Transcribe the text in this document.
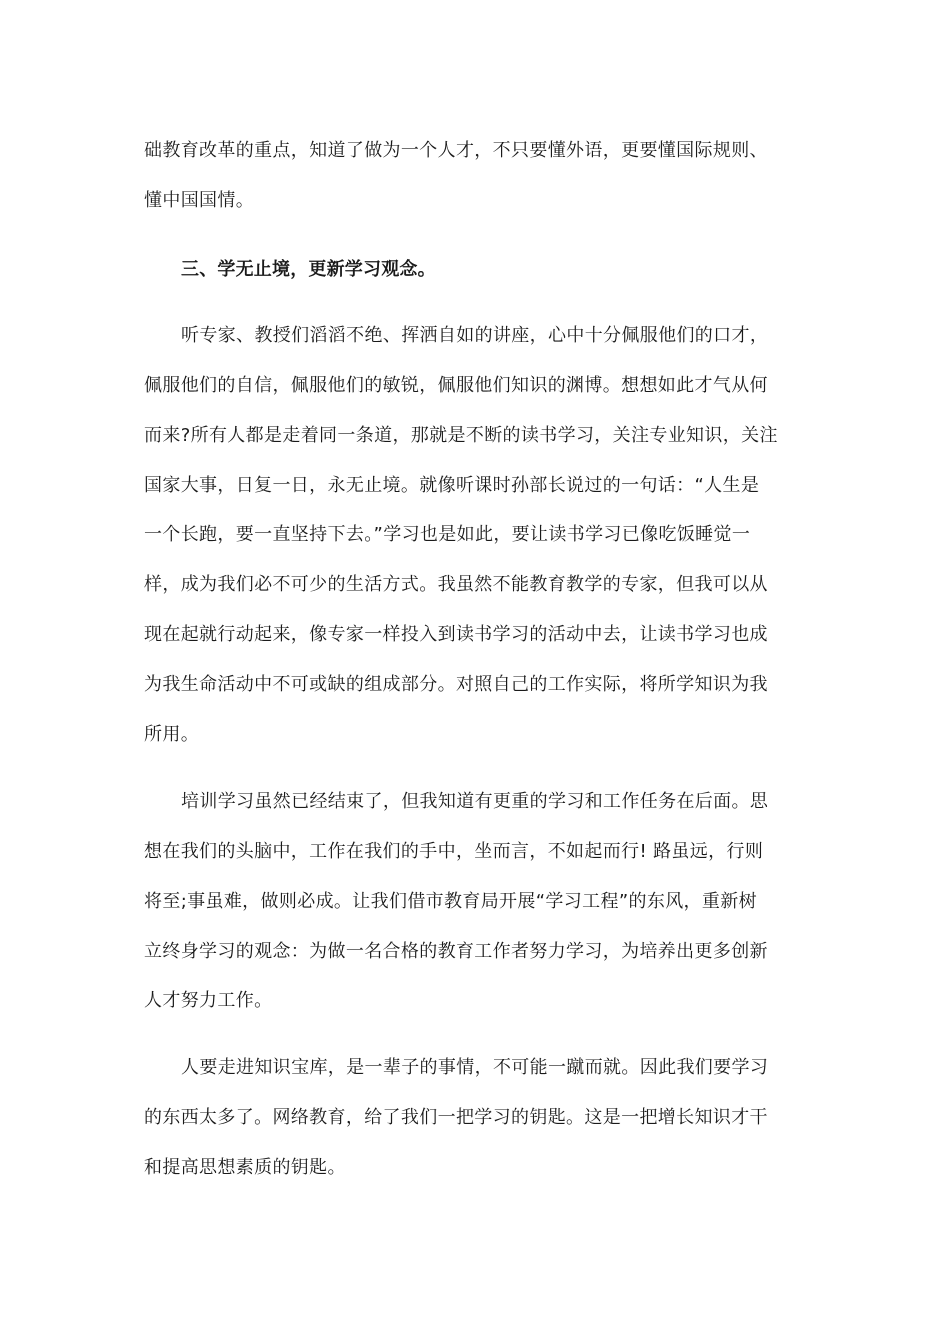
础教育改革的重点，知道了做为一个人才，不只要懂外语，更要懂国际规则、
懂中国国情。
三、学无止境，更新学习观念。
听专家、教授们滔滔不绝、挥洒自如的讲座，心中十分佩服他们的口才，
佩服他们的自信，佩服他们的敏锐，佩服他们知识的渊博。想想如此才气从何
而来?所有人都是走着同一条道，那就是不断的读书学习，关注专业知识，关注
国家大事，日复一日，永无止境。就像听课时孙部长说过的一句话：“人生是
一个长跑，要一直坚持下去。”学习也是如此，要让读书学习已像吃饭睡觉一
样，成为我们必不可少的生活方式。我虽然不能教育教学的专家，但我可以从
现在起就行动起来，像专家一样投入到读书学习的活动中去，让读书学习也成
为我生命活动中不可或缺的组成部分。对照自己的工作实际，将所学知识为我
所用。
培训学习虽然已经结束了，但我知道有更重的学习和工作任务在后面。思
想在我们的头脑中，工作在我们的手中，坐而言，不如起而行! 路虽远，行则
将至;事虽难，做则必成。让我们借市教育局开展“学习工程”的东风，重新树
立终身学习的观念：为做一名合格的教育工作者努力学习，为培养出更多创新
人才努力工作。
人要走进知识宝库，是一辈子的事情，不可能一蹴而就。因此我们要学习
的东西太多了。网络教育，给了我们一把学习的钥匙。这是一把增长知识才干
和提高思想素质的钥匙。
